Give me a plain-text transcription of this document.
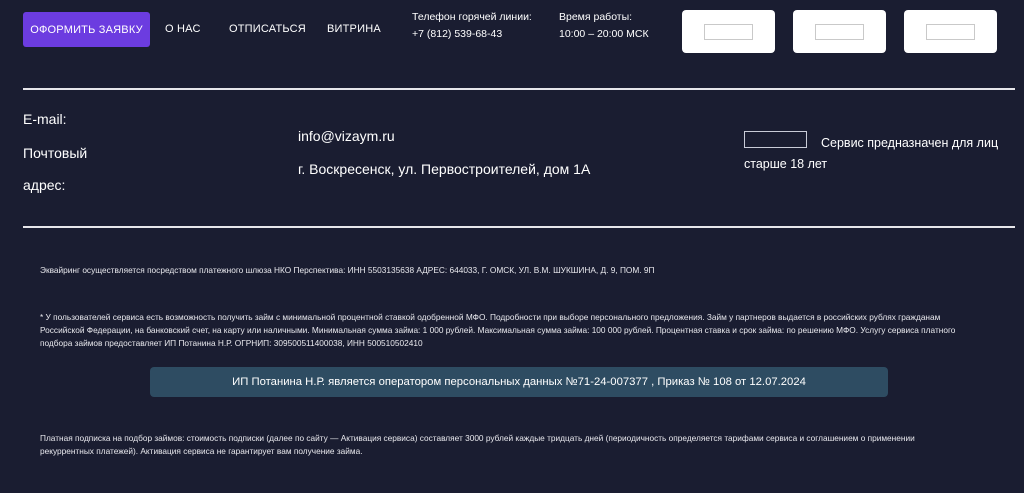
ОФОРМИТЬ ЗАЯВКУ	О НАС	ОТПИСАТЬСЯ ВИТРИНА
Телефон горячей линии:
+7 (812) 539-68-43
Время работы:
10:00 – 20:00 МСК
E-mail:
Почтовый
адрес:
info@vizaym.ru
г. Воскресенск, ул. Первостроителей, дом 1А

Сервис предназначен для лиц старше 18 лет

Эквайринг осуществляется посредством платежного шлюза НКО Перспектива: ИНН 5503135638 АДРЕС: 644033, Г. ОМСК, УЛ. В.М. ШУКШИНА, Д. 9, ПОМ. 9П

* У пользователей сервиса есть возможность получить займ с минимальной процентной ставкой одобренной МФО. Подробности при выборе персонального предложения. Займ у партнеров выдается в российских рублях гражданам Российской Федерации, на банковский счет, на карту или наличными. Минимальная сумма займа: 1 000 рублей. Максимальная сумма займа: 100 000 рублей. Процентная ставка и срок займа: по решению МФО. Услугу сервиса платного подбора займов предоставляет ИП Потанина Н.Р. ОГРНИП: 309500511400038, ИНН 500510502410

ИП Потанина Н.Р. является оператором персональных данных №71-24-007377 , Приказ № 108 от 12.07.2024

Платная подписка на подбор займов: стоимость подписки (далее по сайту — Активация сервиса) составляет 3000 рублей каждые тридцать дней (периодичность определяется тарифами сервиса и соглашением о применении рекуррентных платежей). Активация сервиса не гарантирует вам получение займа.
